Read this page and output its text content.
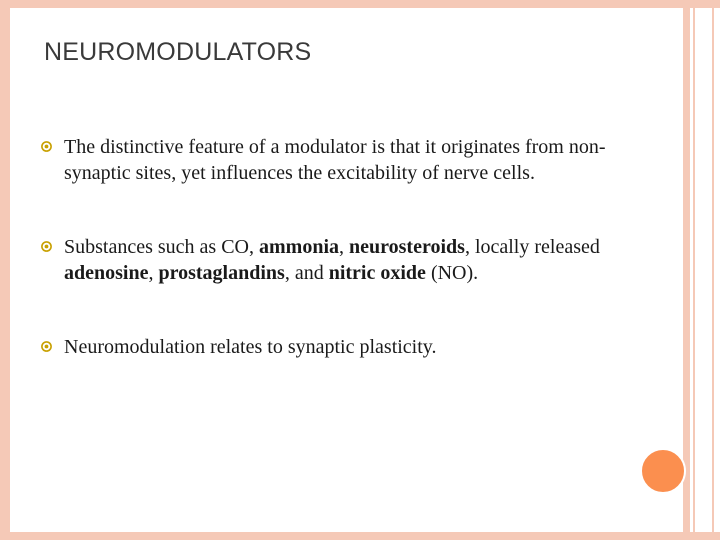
NEUROMODULATORS
The distinctive feature of a modulator is that it originates from non-synaptic sites, yet influences the excitability of nerve cells.
Substances such as CO, ammonia, neurosteroids, locally released adenosine, prostaglandins, and nitric oxide (NO).
Neuromodulation relates to synaptic plasticity.
